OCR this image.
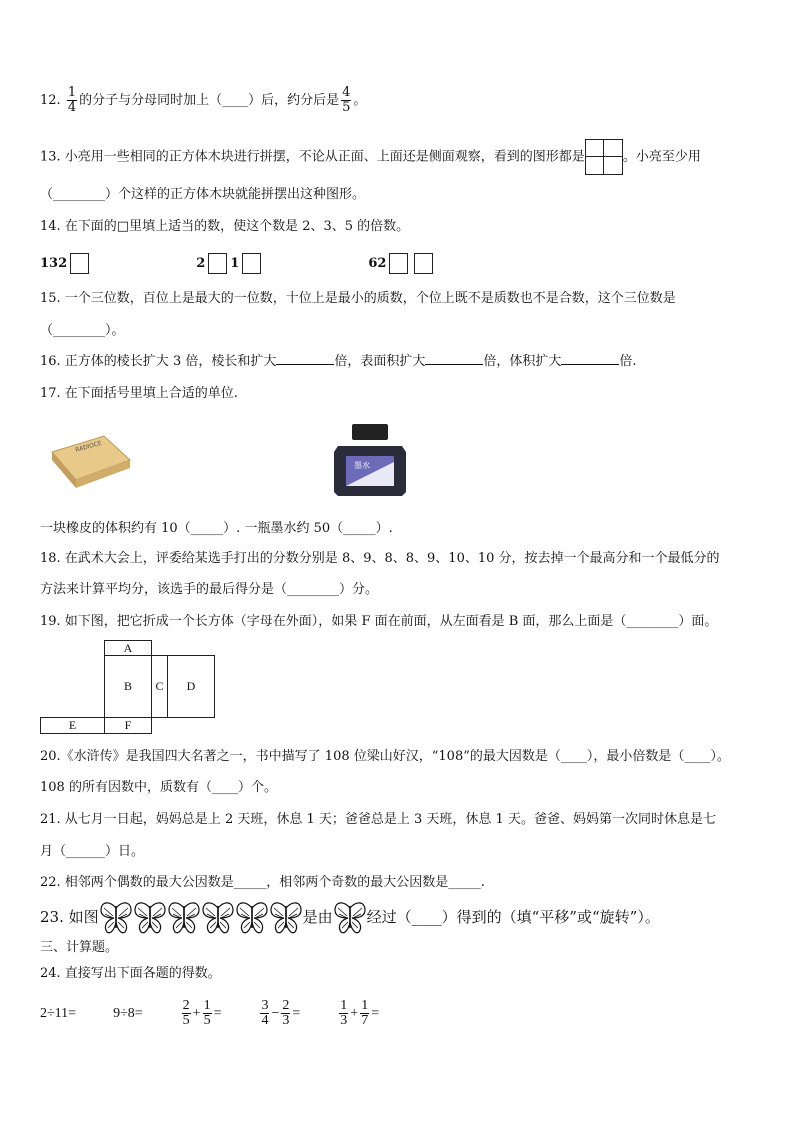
12. $\frac{1}{4}$ 的分子与分母同时加上（____）后，约分后是 $\frac{4}{5}$ 。
13. 小亮用一些相同的正方体木块进行拼摆，不论从正面、上面还是侧面观察，看到的图形都是	。小亮至少用
（________）个这样的正方体木块就能拼摆出这种图形。
14. 在下面的□里填上适当的数，使这个数是 2、3、5 的倍数。
132	2 1	62
15. 一个三位数，百位上是最大的一位数，十位上是最小的质数，个位上既不是质数也不是合数，这个三位数是
（________）。
16. 正方体的棱长扩大 3 倍，棱长和扩大	倍，表面积扩大	倍，体积扩大	倍.
17. 在下面括号里填上合适的单位.
RADIOCE
墨水
一块橡皮的体积约有 10（_____）. 一瓶墨水约 50（_____）.
18. 在武术大会上，评委给某选手打出的分数分别是 8、9、8、8、9、10、10 分，按去掉一个最高分和一个最低分的
方法来计算平均分，该选手的最后得分是（________）分。
19. 如下图，把它折成一个长方体（字母在外面），如果 F 面在前面，从左面看是 B 面，那么上面是（________）面。
A
B	C	D
E	F
20.《水浒传》是我国四大名著之一，书中描写了 108 位梁山好汉，“108”的最大因数是（____），最小倍数是（____）。
108 的所有因数中，质数有（____）个。
21. 从七月一日起，妈妈总是上 2 天班，休息 1 天；爸爸总是上 3 天班，休息 1 天。爸爸、妈妈第一次同时休息是七
月（______）日。
22. 相邻两个偶数的最大公因数是_____，相邻两个奇数的最大公因数是_____.
23. 如图	是由 经过（____）得到的（填“平移”或“旋转”）。
三、计算题。
24. 直接写出下面各题的得数。
2÷11=	9÷8=	$\frac{2}{5} + \frac{1}{5}$ =	$\frac{3}{4} - \frac{2}{3}$ =	$\frac{1}{3} + \frac{1}{7}$ =
